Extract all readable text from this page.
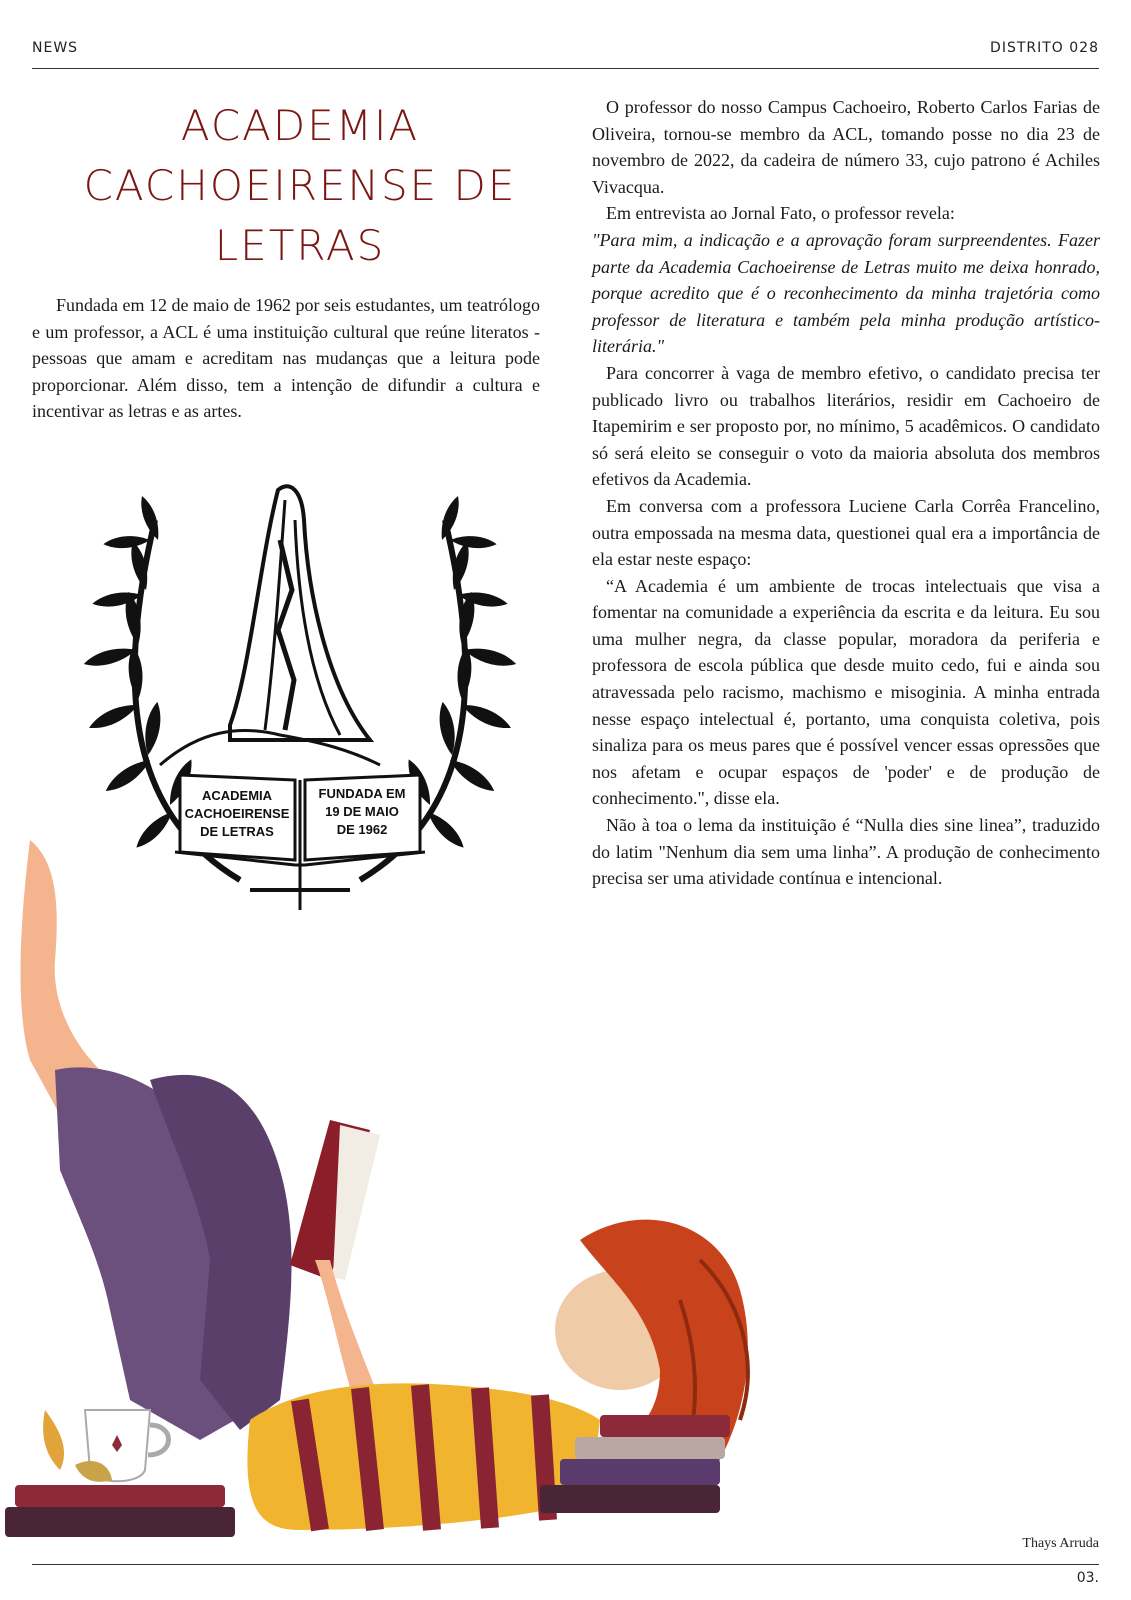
NEWS	DISTRITO 028
ACADEMIA CACHOEIRENSE DE LETRAS

Fundada em 12 de maio de 1962 por seis estudantes, um teatrólogo e um professor, a ACL é uma instituição cultural que reúne literatos - pessoas que amam e acreditam nas mudanças que a leitura pode proporcionar. Além disso, tem a intenção de difundir a cultura e incentivar as letras e as artes.

O professor do nosso Campus Cachoeiro, Roberto Carlos Farias de Oliveira, tornou-se membro da ACL, tomando posse no dia 23 de novembro de 2022, da cadeira de número 33, cujo patrono é Achiles Vivacqua.

Em entrevista ao Jornal Fato, o professor revela:

"Para mim, a indicação e a aprovação foram surpreendentes. Fazer parte da Academia Cachoeirense de Letras muito me deixa honrado, porque acredito que é o reconhecimento da minha trajetória como professor de literatura e também pela minha produção artístico-literária."

Para concorrer à vaga de membro efetivo, o candidato precisa ter publicado livro ou trabalhos literários, residir em Cachoeiro de Itapemirim e ser proposto por, no mínimo, 5 acadêmicos. O candidato só será eleito se conseguir o voto da maioria absoluta dos membros efetivos da Academia.

Em conversa com a professora Luciene Carla Corrêa Francelino, outra empossada na mesma data, questionei qual era a importância de ela estar neste espaço:

“A Academia é um ambiente de trocas intelectuais que visa a fomentar na comunidade a experiência da escrita e da leitura. Eu sou uma mulher negra, da classe popular, moradora da periferia e professora de escola pública que desde muito cedo, fui e ainda sou atravessada pelo racismo, machismo e misoginia. A minha entrada nesse espaço intelectual é, portanto, uma conquista coletiva, pois sinaliza para os meus pares que é possível vencer essas opressões que nos afetam e ocupar espaços de 'poder' e de produção de conhecimento.", disse ela.

Não à toa o lema da instituição é “Nulla dies sine linea”, traduzido do latim "Nenhum dia sem uma linha”. A produção de conhecimento precisa ser uma atividade contínua e intencional.

ACADEMIA
CACHOEIRENSE
DE LETRAS
FUNDADA EM
19 DE MAIO
DE 1962
Thays Arruda
03.
